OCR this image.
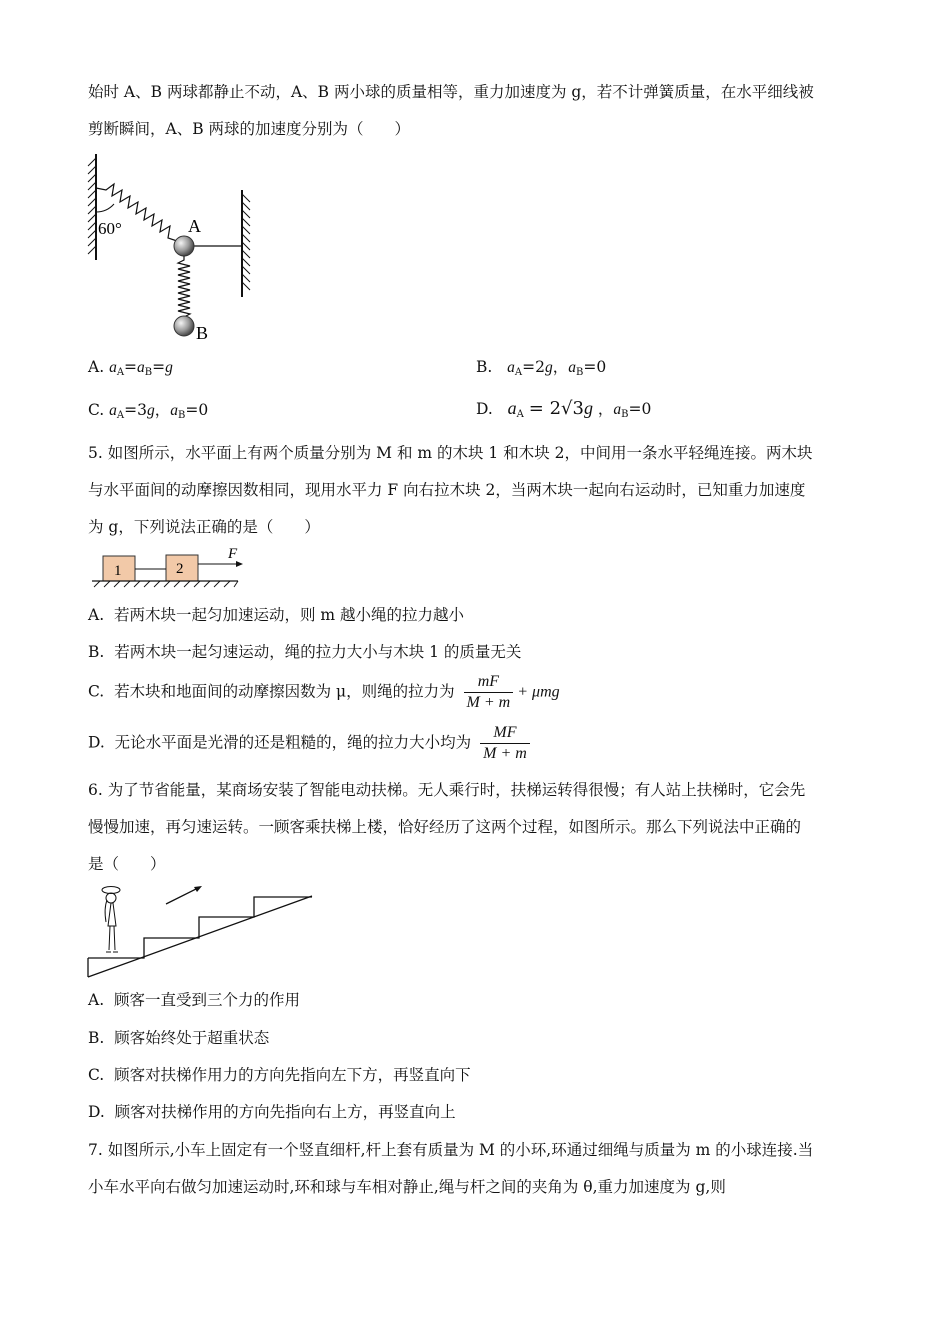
始时 A、B 两球都静止不动，A、B 两小球的质量相等，重力加速度为 g，若不计弹簧质量，在水平细线被
剪断瞬间，A、B 两球的加速度分别为（　　）
60°	A
B
A. $a_A=a_B=g$	B. $a_A=2g$，$a_B=0$
C. $a_A=3g$，$a_B=0$	D. $a_A = 2√3g$ ，$a_B=0$
5. 如图所示，水平面上有两个质量分别为 M 和 m 的木块 1 和木块 2，中间用一条水平轻绳连接。两木块
与水平面间的动摩擦因数相同，现用水平力 F 向右拉木块 2，当两木块一起向右运动时，已知重力加速度
为 g，下列说法正确的是（　　）
1	2
F
A. 若两木块一起匀加速运动，则 m 越小绳的拉力越小
B. 若两木块一起匀速运动，绳的拉力大小与木块 1 的质量无关
C. 若木块和地面间的动摩擦因数为 μ，则绳的拉力为 $\frac{mF}{M + m} + \mu mg$
D. 无论水平面是光滑的还是粗糙的，绳的拉力大小均为 $\frac{MF}{M + m}$
6. 为了节省能量，某商场安装了智能电动扶梯。无人乘行时，扶梯运转得很慢；有人站上扶梯时，它会先
慢慢加速，再匀速运转。一顾客乘扶梯上楼，恰好经历了这两个过程，如图所示。那么下列说法中正确的
是（　　）
A. 顾客一直受到三个力的作用
B. 顾客始终处于超重状态
C. 顾客对扶梯作用力的方向先指向左下方，再竖直向下
D. 顾客对扶梯作用的方向先指向右上方，再竖直向上
7. 如图所示,小车上固定有一个竖直细杆,杆上套有质量为 M 的小环,环通过细绳与质量为 m 的小球连接.当
小车水平向右做匀加速运动时,环和球与车相对静止,绳与杆之间的夹角为 θ,重力加速度为 g,则
